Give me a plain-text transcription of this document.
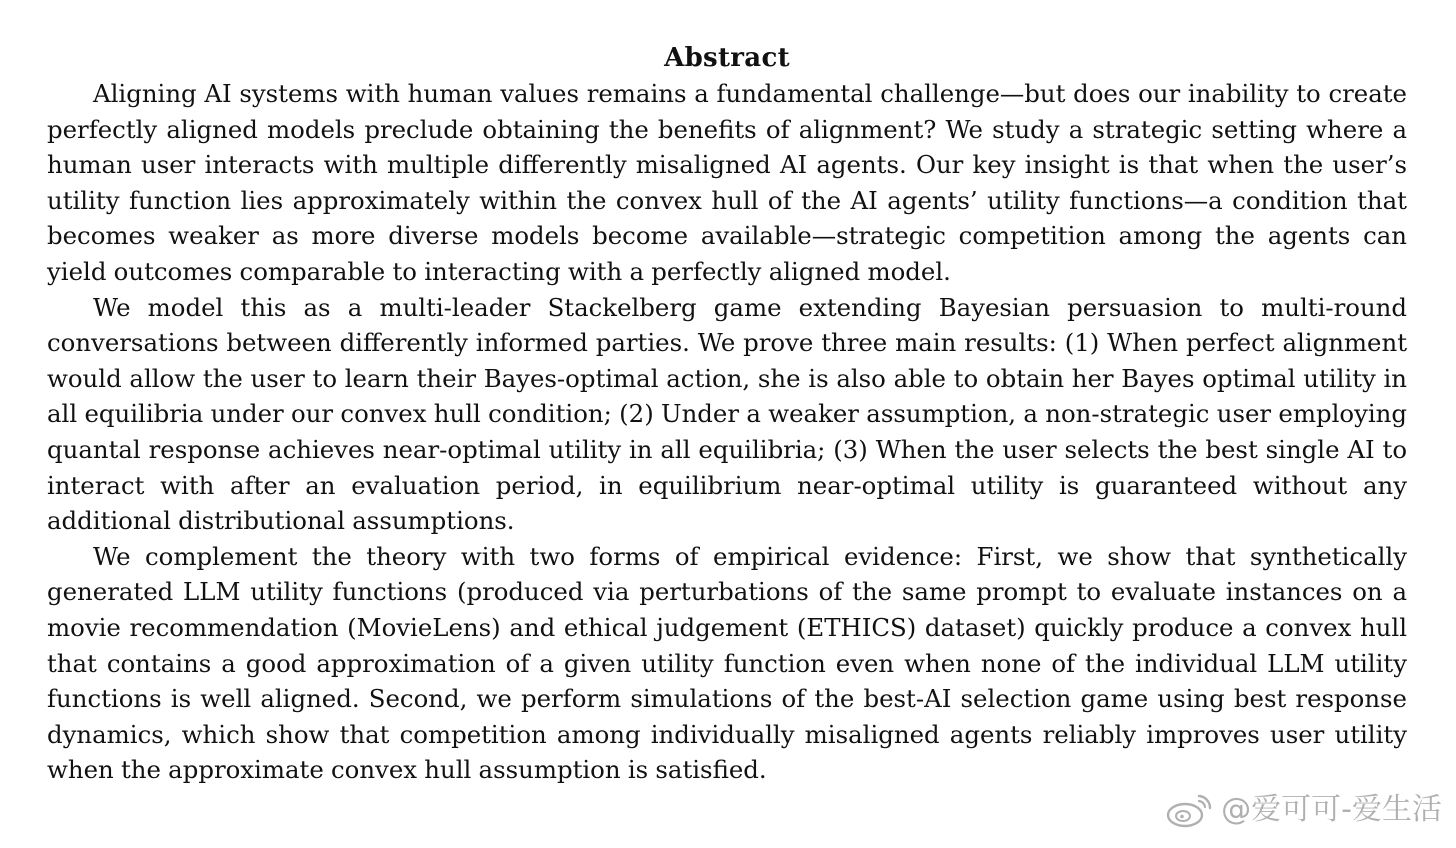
Abstract

Aligning AI systems with human values remains a fundamental challenge—but does our inability to create perfectly aligned models preclude obtaining the benefits of alignment? We study a strategic setting where a human user interacts with multiple differently misaligned AI agents. Our key insight is that when the user’s utility function lies approximately within the convex hull of the AI agents’ utility functions—a condition that becomes weaker as more diverse models become available—strategic competition among the agents can yield outcomes comparable to interacting with a perfectly aligned model.

We model this as a multi-leader Stackelberg game extending Bayesian persuasion to multi-round conversations between differently informed parties. We prove three main results: (1) When perfect alignment would allow the user to learn their Bayes-optimal action, she is also able to obtain her Bayes optimal utility in all equilibria under our convex hull condition; (2) Under a weaker assumption, a non-strategic user employing quantal response achieves near-optimal utility in all equilibria; (3) When the user selects the best single AI to interact with after an evaluation period, in equilibrium near-optimal utility is guaranteed without any additional distributional assumptions.

We complement the theory with two forms of empirical evidence: First, we show that synthetically generated LLM utility functions (produced via perturbations of the same prompt to evaluate instances on a movie recommendation (MovieLens) and ethical judgement (ETHICS) dataset) quickly produce a convex hull that contains a good approximation of a given utility function even when none of the individual LLM utility functions is well aligned. Second, we perform simulations of the best-AI selection game using best response dynamics, which show that competition among individually misaligned agents reliably improves user utility when the approximate convex hull assumption is satisfied.

@爱可可-爱生活
